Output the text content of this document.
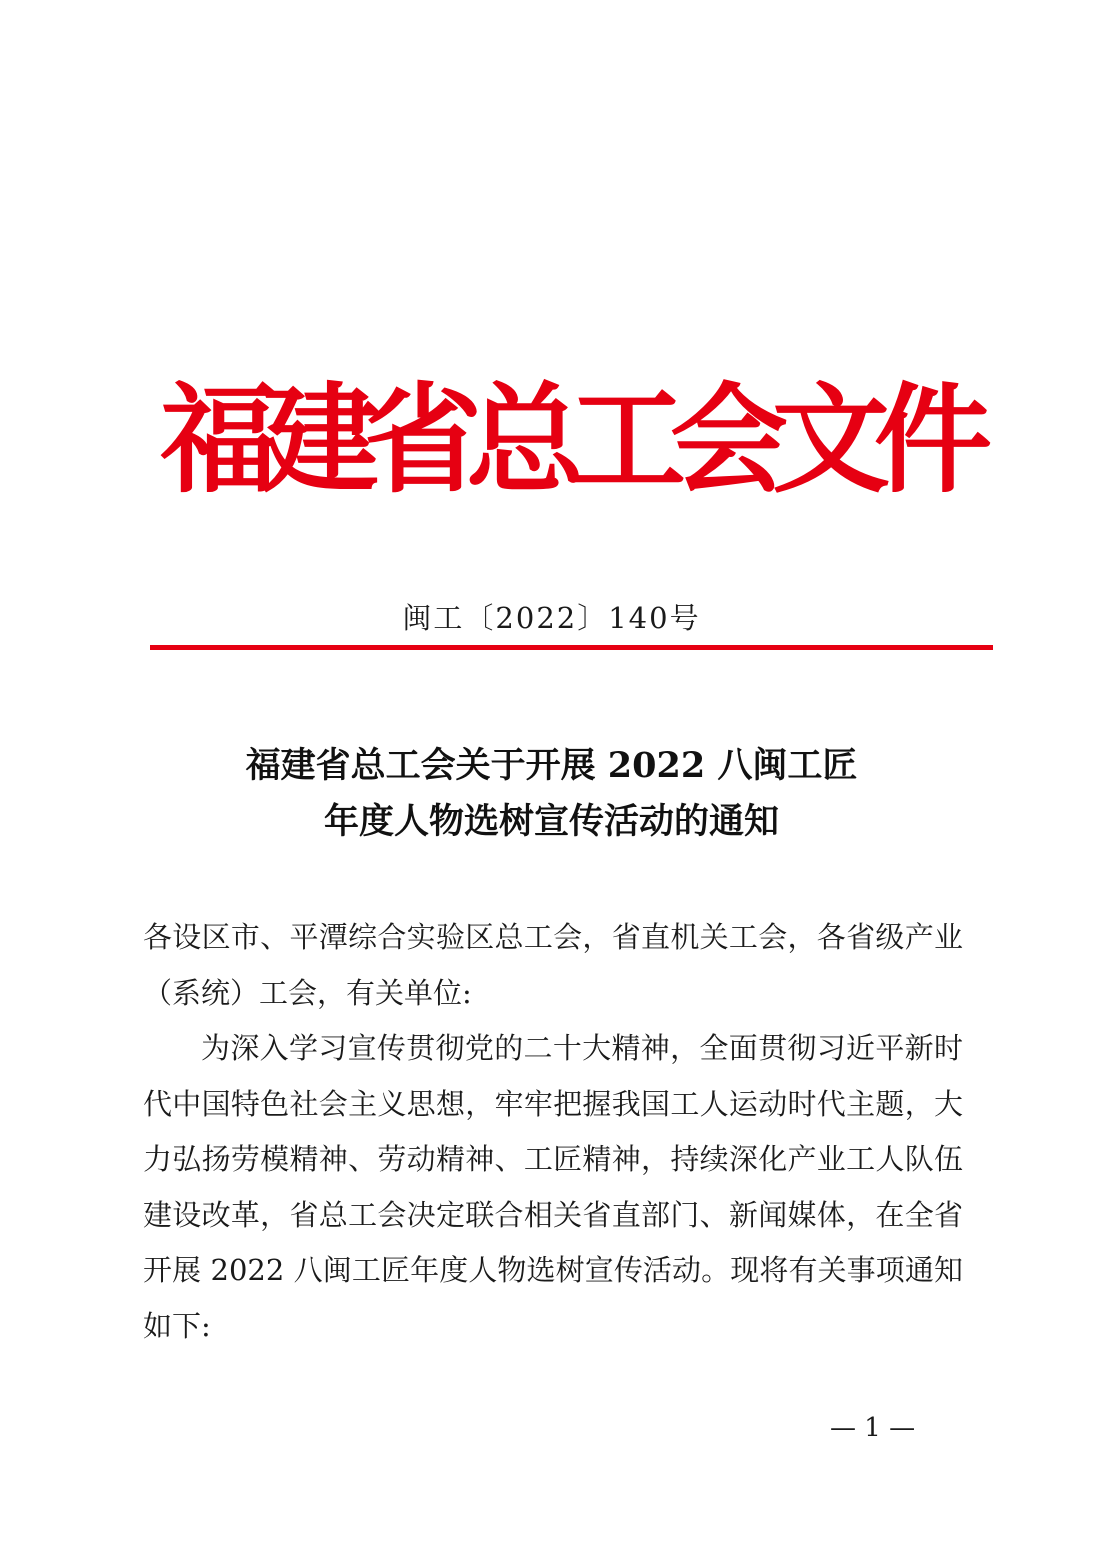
福建省总工会文件
闽工〔2022〕140号
福建省总工会关于开展 2022 八闽工匠
年度人物选树宣传活动的通知
各设区市、平潭综合实验区总工会，省直机关工会，各省级产业
（系统）工会，有关单位:
为深入学习宣传贯彻党的二十大精神，全面贯彻习近平新时
代中国特色社会主义思想，牢牢把握我国工人运动时代主题，大
力弘扬劳模精神、劳动精神、工匠精神，持续深化产业工人队伍
建设改革，省总工会决定联合相关省直部门、新闻媒体，在全省
开展 2022 八闽工匠年度人物选树宣传活动。现将有关事项通知
如下:
— 1 —
